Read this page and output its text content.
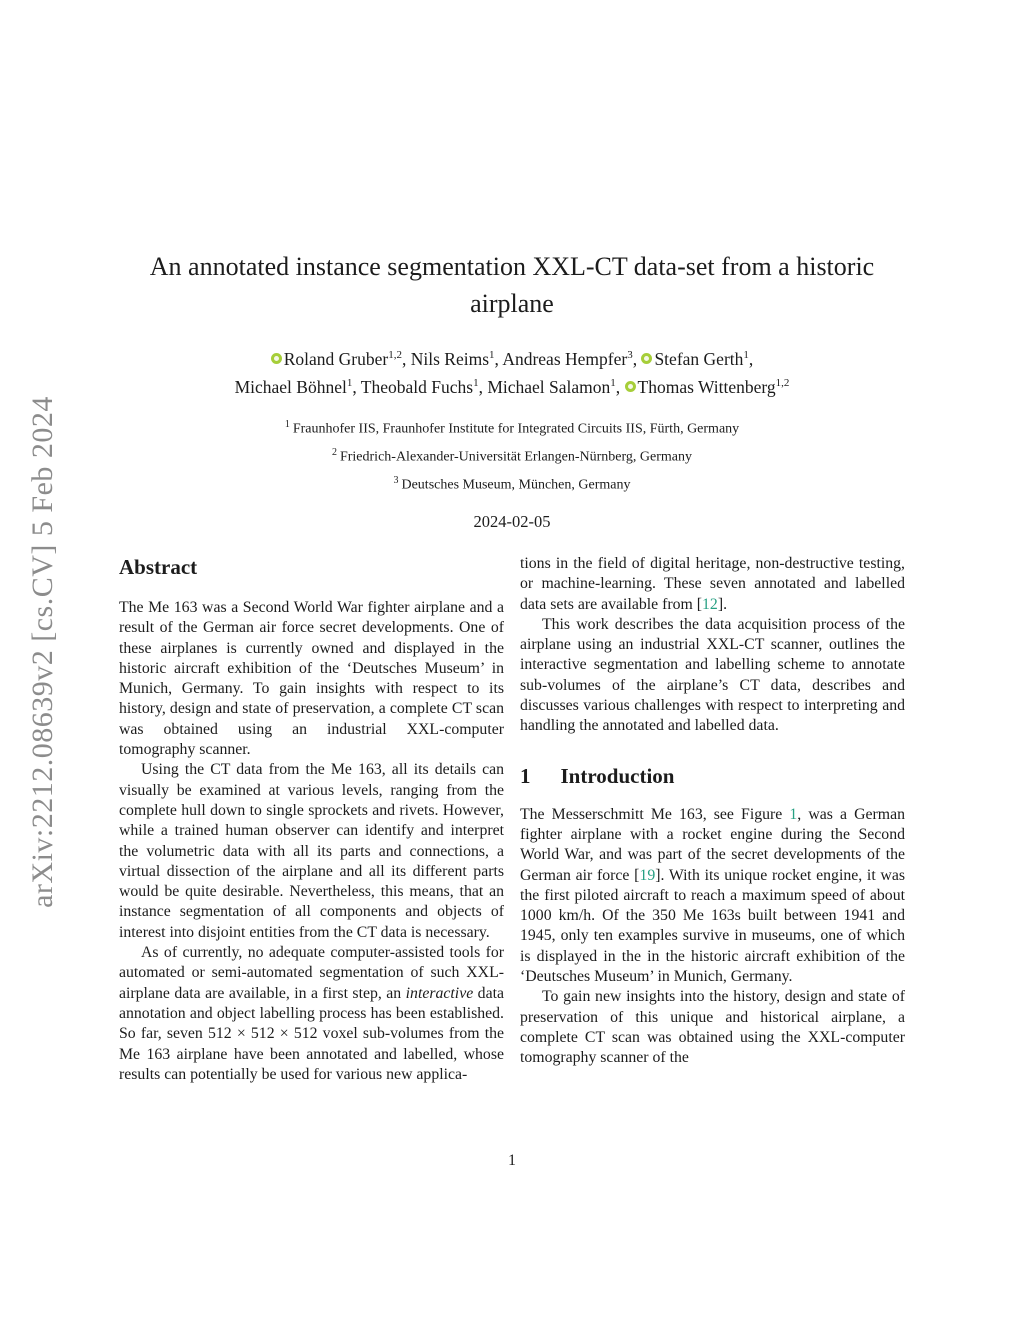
arXiv:2212.08639v2 [cs.CV] 5 Feb 2024
An annotated instance segmentation XXL-CT data-set from a historic airplane
Roland Gruber$^{1,2}$, Nils Reims$^1$, Andreas Hempfer$^3$, Stefan Gerth$^1$,
Michael Böhnel$^1$, Theobald Fuchs$^1$, Michael Salamon$^1$, Thomas Wittenberg$^{1,2}$
$^1$ Fraunhofer IIS, Fraunhofer Institute for Integrated Circuits IIS, Fürth, Germany
$^2$ Friedrich-Alexander-Universität Erlangen-Nürnberg, Germany
$^3$ Deutsches Museum, München, Germany
2024-02-05
Abstract

The Me 163 was a Second World War fighter airplane and a result of the German air force secret developments. One of these airplanes is currently owned and displayed in the historic aircraft exhibition of the ‘Deutsches Museum’ in Munich, Germany. To gain insights with respect to its history, design and state of preservation, a complete CT scan was obtained using an industrial XXL-computer tomography scanner.

Using the CT data from the Me 163, all its details can visually be examined at various levels, ranging from the complete hull down to single sprockets and rivets. However, while a trained human observer can identify and interpret the volumetric data with all its parts and connections, a virtual dissection of the airplane and all its different parts would be quite desirable. Nevertheless, this means, that an instance segmentation of all components and objects of interest into disjoint entities from the CT data is necessary.

As of currently, no adequate computer-assisted tools for automated or semi-automated segmentation of such XXL-airplane data are available, in a first step, an interactive data annotation and object labelling process has been established. So far, seven 512 × 512 × 512 voxel sub-volumes from the Me 163 airplane have been annotated and labelled, whose results can potentially be used for various new applica-

tions in the field of digital heritage, non-destructive testing, or machine-learning. These seven annotated and labelled data sets are available from [12].

This work describes the data acquisition process of the airplane using an industrial XXL-CT scanner, outlines the interactive segmentation and labelling scheme to annotate sub-volumes of the airplane’s CT data, describes and discusses various challenges with respect to interpreting and handling the annotated and labelled data.

1 Introduction

The Messerschmitt Me 163, see Figure 1, was a German fighter airplane with a rocket engine during the Second World War, and was part of the secret developments of the German air force [19]. With its unique rocket engine, it was the first piloted aircraft to reach a maximum speed of about 1000 km/h. Of the 350 Me 163s built between 1941 and 1945, only ten examples survive in museums, one of which is displayed in the in the historic aircraft exhibition of the ‘Deutsches Museum’ in Munich, Germany.

To gain new insights into the history, design and state of preservation of this unique and historical airplane, a complete CT scan was obtained using the XXL-computer tomography scanner of the

1
